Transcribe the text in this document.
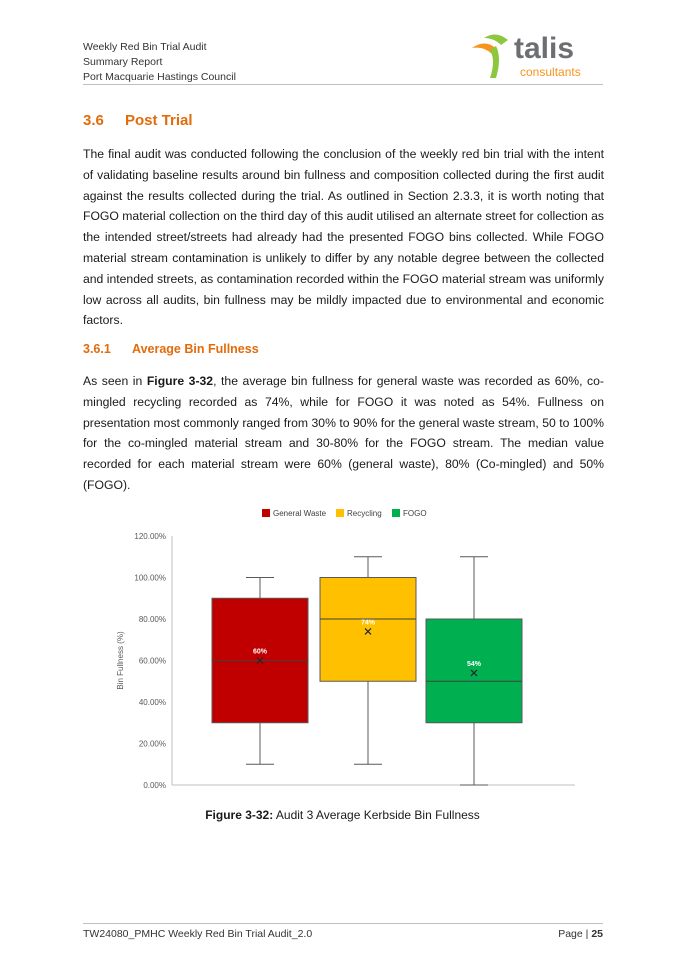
Weekly Red Bin Trial Audit
Summary Report
Port Macquarie Hastings Council
talis
consultants
3.6 Post Trial
The final audit was conducted following the conclusion of the weekly red bin trial with the intent of validating baseline results around bin fullness and composition collected during the first audit against the results collected during the trial. As outlined in Section 2.3.3, it is worth noting that FOGO material collection on the third day of this audit utilised an alternate street for collection as the intended street/streets had already had the presented FOGO bins collected. While FOGO material stream contamination is unlikely to differ by any notable degree between the collected and intended streets, as contamination recorded within the FOGO material stream was uniformly low across all audits, bin fullness may be mildly impacted due to environmental and economic factors.
3.6.1 Average Bin Fullness
As seen in Figure 3-32, the average bin fullness for general waste was recorded as 60%, co-mingled recycling recorded as 74%, while for FOGO it was noted as 54%. Fullness on presentation most commonly ranged from 30% to 90% for the general waste stream, 50 to 100% for the co-mingled material stream and 30-80% for the FOGO stream. The median value recorded for each material stream were 60% (general waste), 80% (Co-mingled) and 50% (FOGO).
0.00%
20.00%
40.00%
60.00%
80.00%
100.00%
120.00%
Bin Fullness (%)
General Waste	Recycling	FOGO
60%
74%
54%
Figure 3-32: Audit 3 Average Kerbside Bin Fullness
TW24080_PMHC Weekly Red Bin Trial Audit_2.0	Page | 25
